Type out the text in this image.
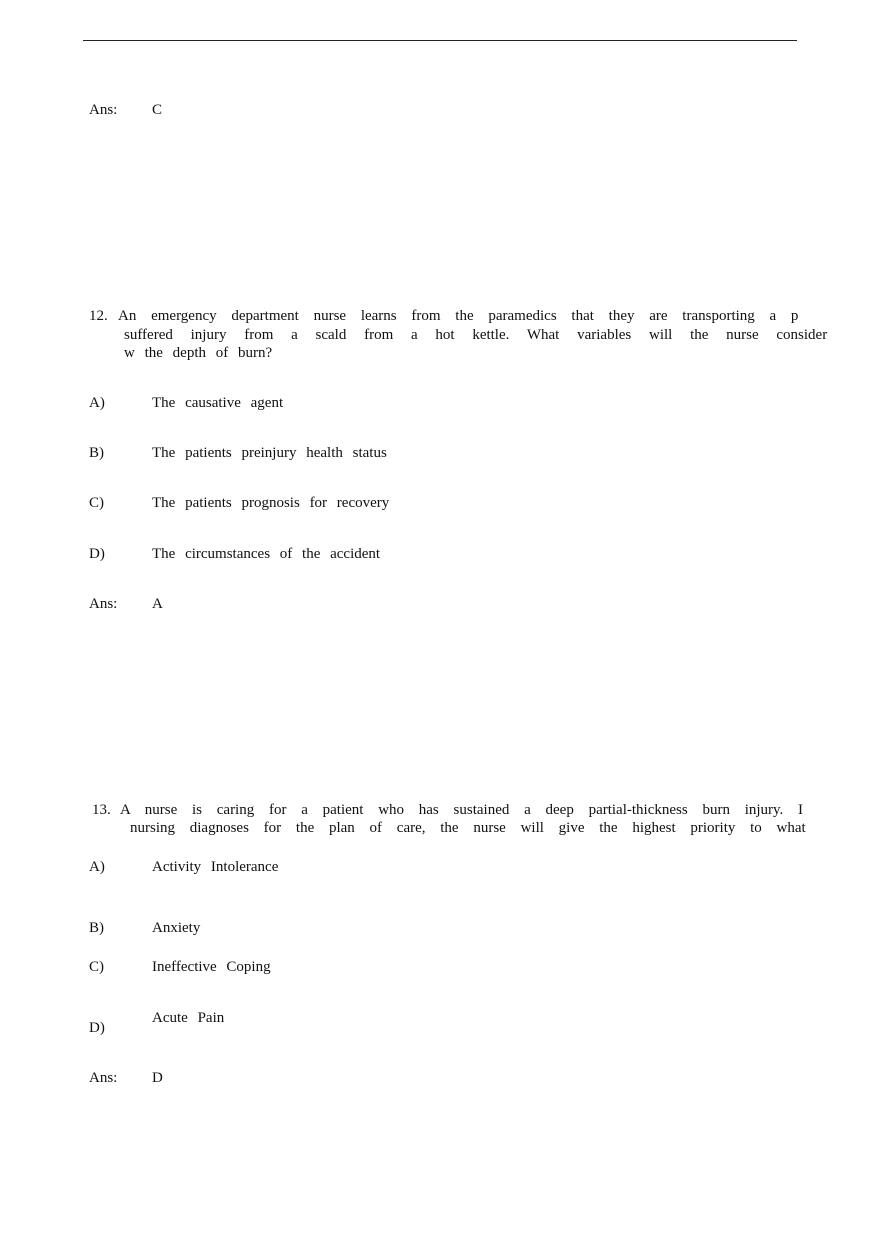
Ans: C
12. An emergency department nurse learns from the paramedics that they are transporting a p
suffered injury from a scald from a hot kettle. What variables will the nurse consider
w the depth of burn?
A)	The causative agent
B)	The patients preinjury health status
C)	The patients prognosis for recovery
D)	The circumstances of the accident
Ans: A
13. A nurse is caring for a patient who has sustained a deep partial-thickness burn injury. I
nursing diagnoses for the plan of care, the nurse will give the highest priority to what
A)	Activity Intolerance
B)	Anxiety
C)	Ineffective Coping
D)
Acute Pain
Ans: D
